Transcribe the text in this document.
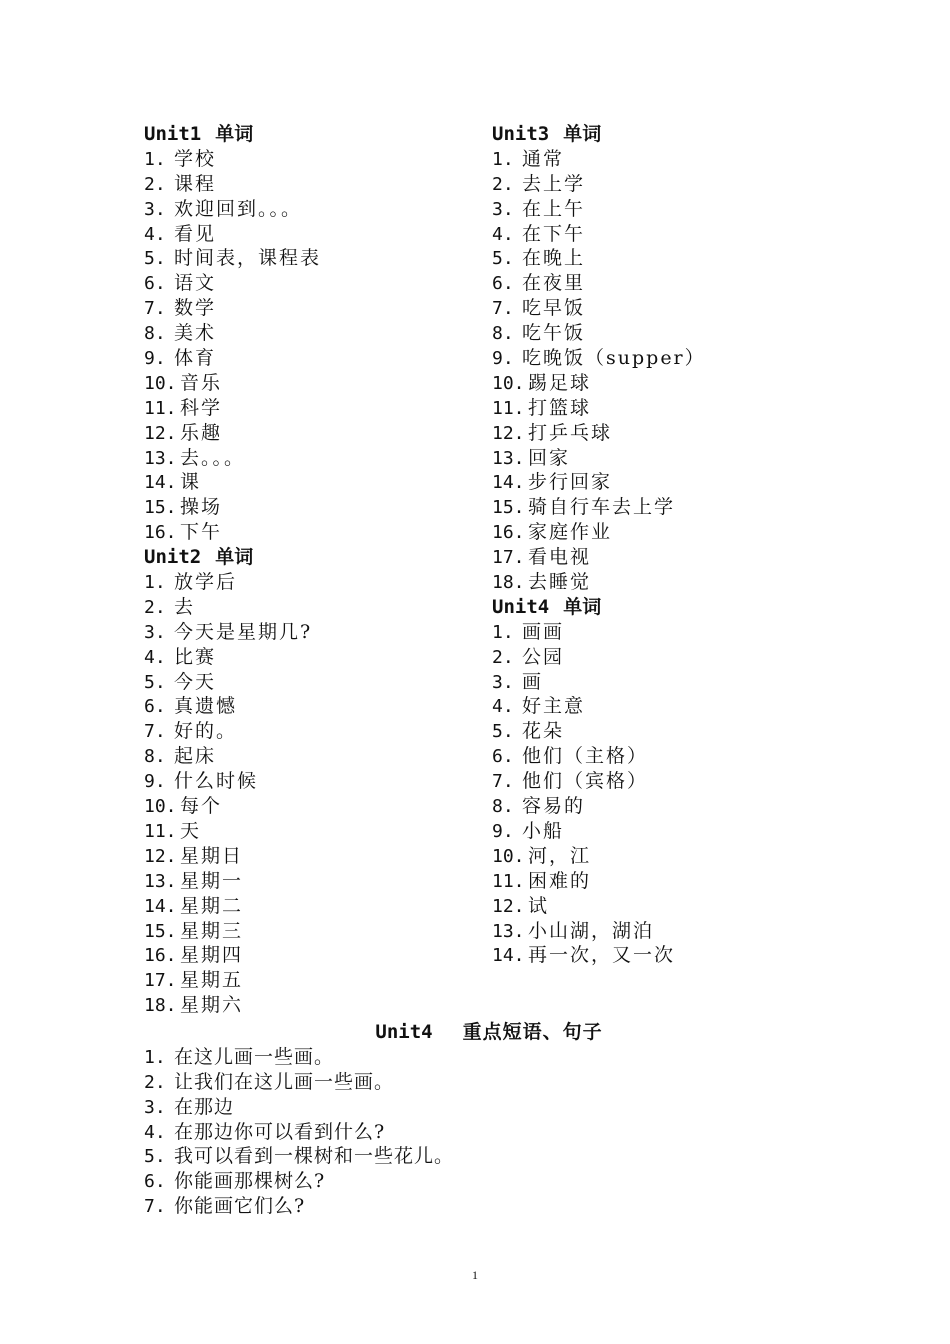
Unit1 单词
1. 学校
2. 课程
3. 欢迎回到。。。
4. 看见
5. 时间表，课程表
6. 语文
7. 数学
8. 美术
9. 体育
10. 音乐
11. 科学
12. 乐趣
13. 去。。。
14. 课
15. 操场
16. 下午
Unit2 单词
1. 放学后
2. 去
3. 今天是星期几?
4. 比赛
5. 今天
6. 真遗憾
7. 好的。
8. 起床
9. 什么时候
10. 每个
11. 天
12. 星期日
13. 星期一
14. 星期二
15. 星期三
16. 星期四
17. 星期五
18. 星期六
Unit3 单词
1. 通常
2. 去上学
3. 在上午
4. 在下午
5. 在晚上
6. 在夜里
7. 吃早饭
8. 吃午饭
9. 吃晚饭（supper）
10. 踢足球
11. 打篮球
12. 打乒乓球
13. 回家
14. 步行回家
15. 骑自行车去上学
16. 家庭作业
17. 看电视
18. 去睡觉
Unit4 单词
1. 画画
2. 公园
3. 画
4. 好主意
5. 花朵
6. 他们（主格）
7. 他们（宾格）
8. 容易的
9. 小船
10. 河，江
11. 困难的
12. 试
13. 小山湖，湖泊
14. 再一次，又一次
Unit4 重点短语、句子
1. 在这儿画一些画。
2. 让我们在这儿画一些画。
3. 在那边
4. 在那边你可以看到什么?
5. 我可以看到一棵树和一些花儿。
6. 你能画那棵树么?
7. 你能画它们么?
1
